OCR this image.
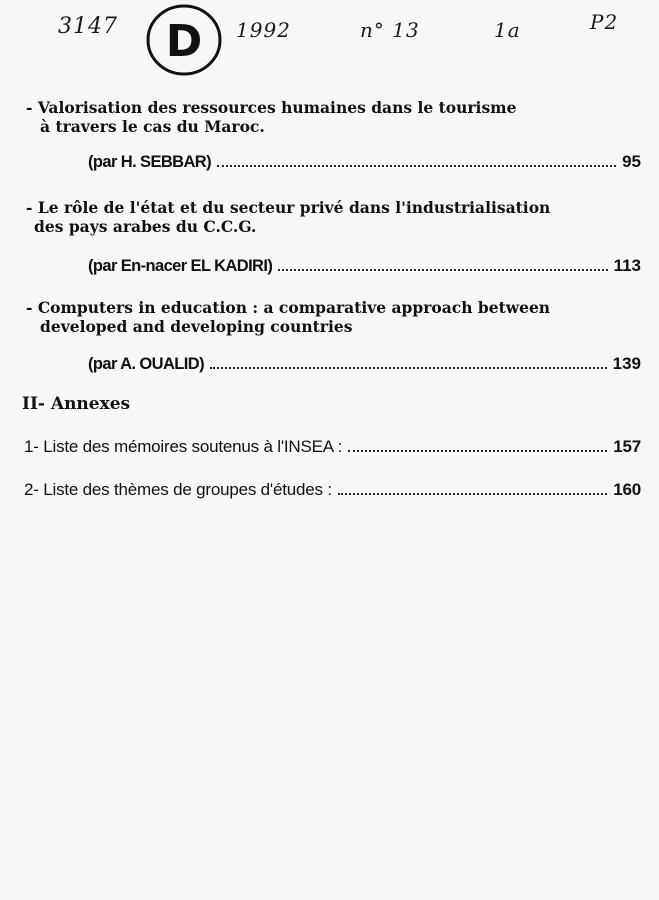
3147 D 1992	n° 13	1a	P2
- Valorisation des ressources humaines dans le tourisme
à travers le cas du Maroc.
(par H. SEBBAR)	95
- Le rôle de l'état et du secteur privé dans l'industrialisation
des pays arabes du C.C.G.
(par En-nacer EL KADIRI)	113
- Computers in education : a comparative approach between
developed and developing countries
(par A. OUALID)	139
II- Annexes
1- Liste des mémoires soutenus à l'INSEA :	157
2- Liste des thèmes de groupes d'études :	160
